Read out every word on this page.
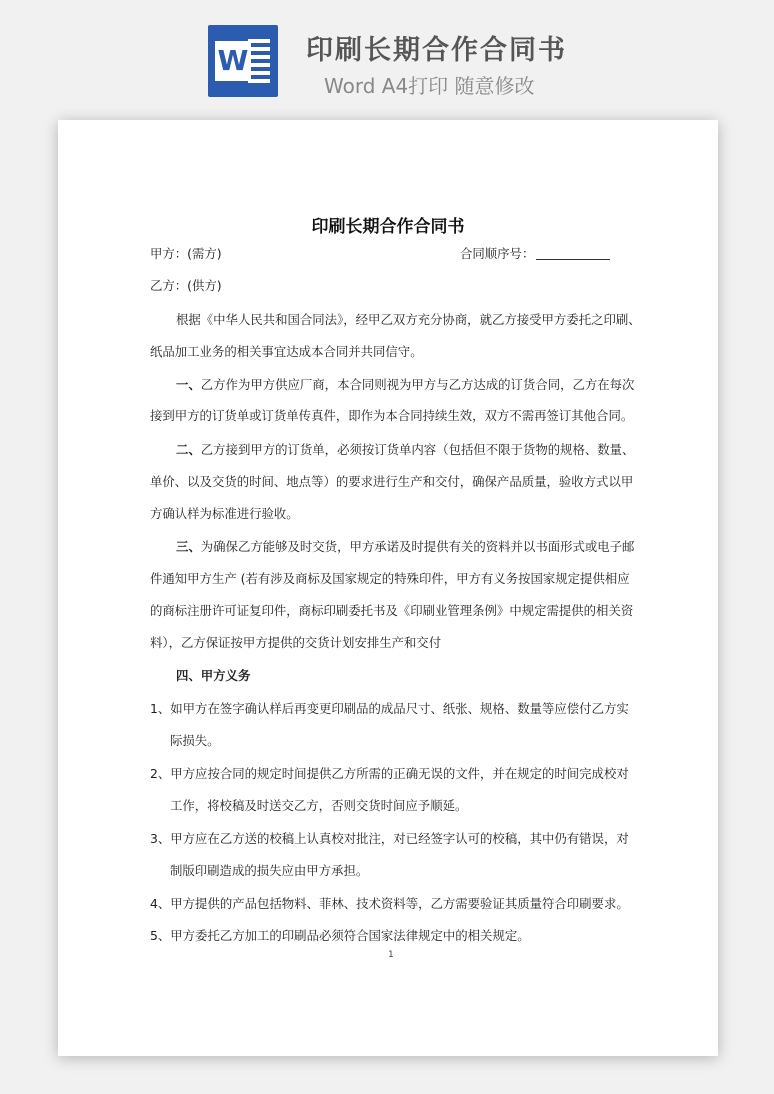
W 印刷长期合作合同书
Word A4打印 随意修改
印刷长期合作合同书
甲方：(需方)	合同顺序号：
乙方：(供方)
根据《中华人民共和国合同法》，经甲乙双方充分协商，就乙方接受甲方委托之印刷、
纸品加工业务的相关事宜达成本合同并共同信守。
一、乙方作为甲方供应厂商，本合同则视为甲方与乙方达成的订货合同，乙方在每次
接到甲方的订货单或订货单传真件，即作为本合同持续生效，双方不需再签订其他合同。
二、乙方接到甲方的订货单，必须按订货单内容（包括但不限于货物的规格、数量、
单价、以及交货的时间、地点等）的要求进行生产和交付，确保产品质量，验收方式以甲
方确认样为标准进行验收。
三、为确保乙方能够及时交货，甲方承诺及时提供有关的资料并以书面形式或电子邮
件通知甲方生产 (若有涉及商标及国家规定的特殊印件，甲方有义务按国家规定提供相应
的商标注册许可证复印件，商标印刷委托书及《印刷业管理条例》中规定需提供的相关资
料），乙方保证按甲方提供的交货计划安排生产和交付
四、甲方义务
1、如甲方在签字确认样后再变更印刷品的成品尺寸、纸张、规格、数量等应偿付乙方实
际损失。
2、甲方应按合同的规定时间提供乙方所需的正确无误的文件，并在规定的时间完成校对
工作，将校稿及时送交乙方，否则交货时间应予顺延。
3、甲方应在乙方送的校稿上认真校对批注，对已经签字认可的校稿，其中仍有错误，对
制版印刷造成的损失应由甲方承担。
4、甲方提供的产品包括物料、菲林、技术资料等，乙方需要验证其质量符合印刷要求。
5、甲方委托乙方加工的印刷品必须符合国家法律规定中的相关规定。
1
